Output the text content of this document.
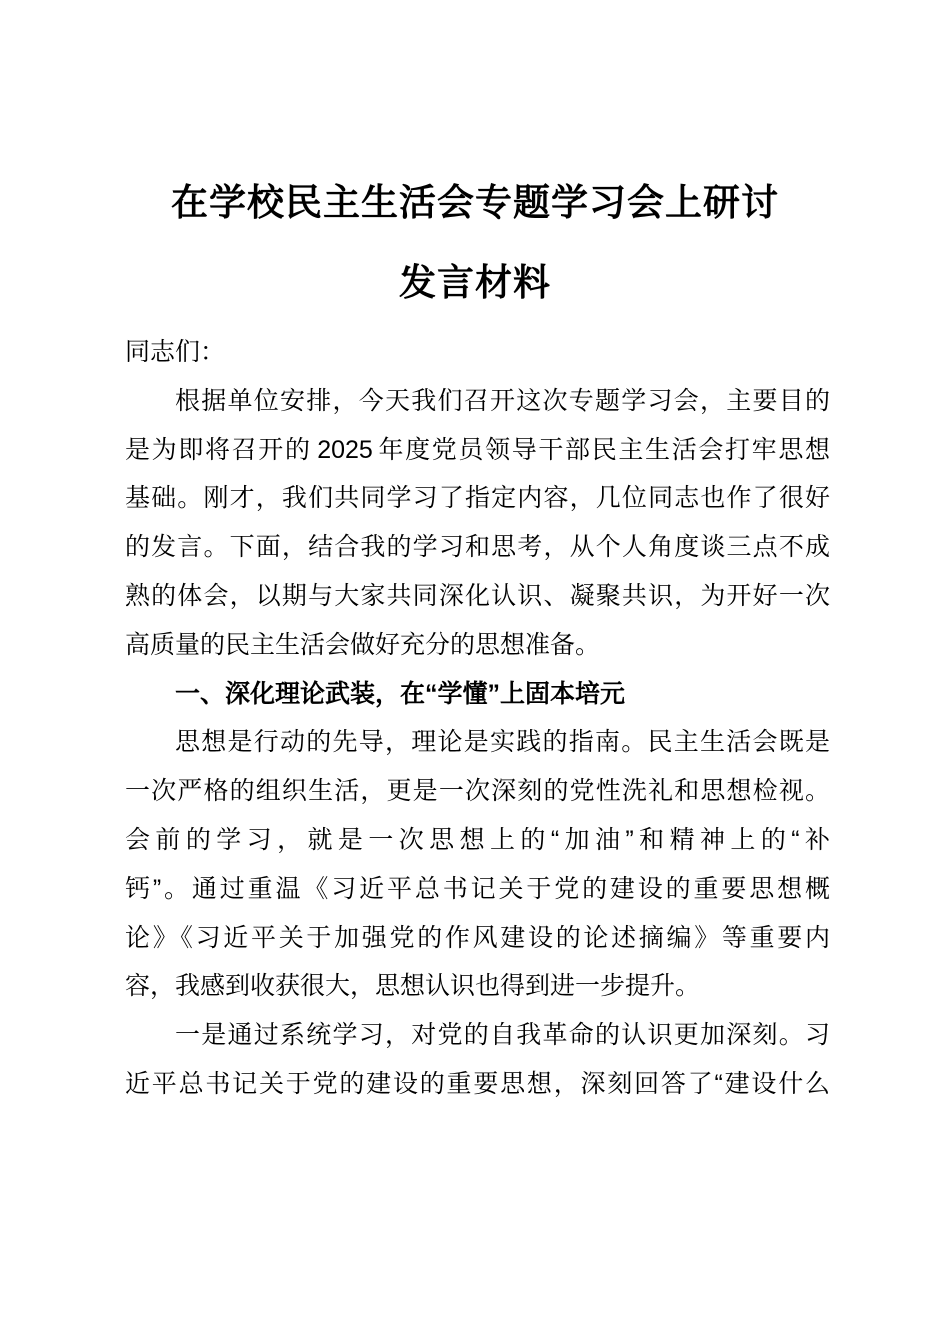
在学校民主生活会专题学习会上研讨
发言材料
同志们：
根据单位安排，今天我们召开这次专题学习会，主要目的
是为即将召开的 2025 年度党员领导干部民主生活会打牢思想
基础。刚才，我们共同学习了指定内容，几位同志也作了很好
的发言。下面，结合我的学习和思考，从个人角度谈三点不成
熟的体会，以期与大家共同深化认识、凝聚共识，为开好一次
高质量的民主生活会做好充分的思想准备。
一、深化理论武装，在“学懂”上固本培元
思想是行动的先导，理论是实践的指南。民主生活会既是
一次严格的组织生活，更是一次深刻的党性洗礼和思想检视。
会前的学习，就是一次思想上的“加油”和精神上的“补
钙”。通过重温《习近平总书记关于党的建设的重要思想概
论》《习近平关于加强党的作风建设的论述摘编》等重要内
容，我感到收获很大，思想认识也得到进一步提升。
一是通过系统学习，对党的自我革命的认识更加深刻。习
近平总书记关于党的建设的重要思想，深刻回答了“建设什么
